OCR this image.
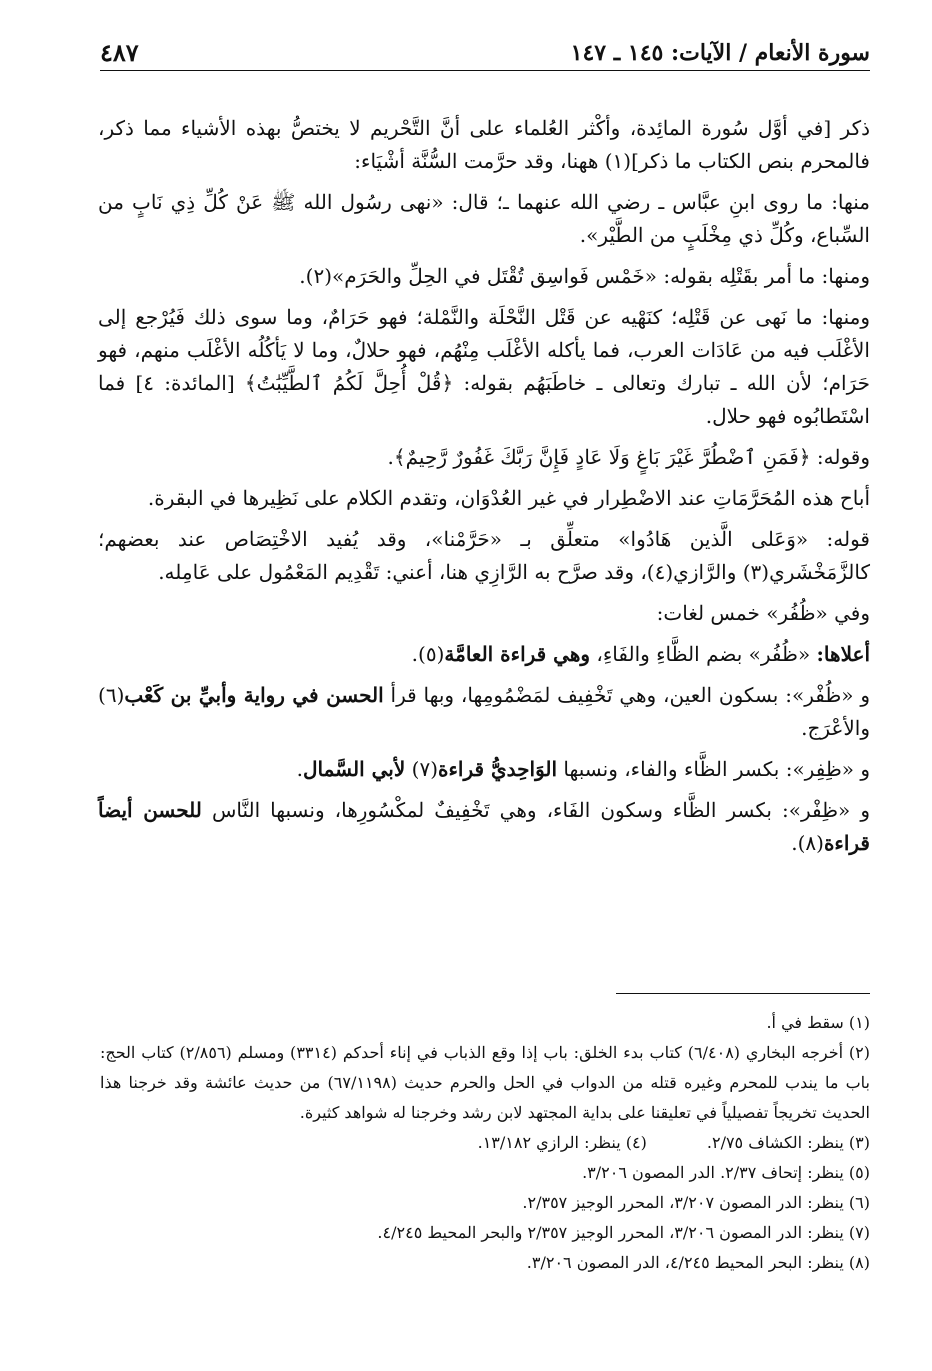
سورة الأنعام / الآيات: ١٤٥ ـ ١٤٧
٤٨٧

ذكر [في أوَّل سُورة المائِدة، وأكْثر العُلماء على أنَّ التَّحْريم لا يختصُّ بهذه الأشياء مما ذكر، فالمحرم بنص الكتاب ما ذكر](١) ههنا، وقد حرَّمت السُّنَّة أشْيَاء:

منها: ما روى ابنِ عبَّاس ـ رضي الله عنهما ـ؛ قال: «نهى رسُول الله ﷺ عَنْ كُلِّ ذِي نَابٍ من السِّباع، وكُلِّ ذي مِخْلَبٍ من الطَّيْر».

ومنها: ما أمر بقَتْلِه بقوله: «خَمْس فَواسِق تُقْتَل في الحِلِّ والحَرَم»(٢).

ومنها: ما نَهى عن قَتْلِه؛ كنَهْيه عن قَتْل النَّحْلَة والنَّمْلة؛ فهو حَرَامٌ، وما سوى ذلك فَيُرْجع إلى الأغْلَب فيه من عَادَات العرب، فما يأكله الأغْلَب مِنْهُم، فهو حلالٌ، وما لا يَأكُلُه الأغْلَب منهم، فهو حَرَام؛ لأن الله ـ تبارك وتعالى ـ خاطَبَهُم بقوله: ﴿قُلْ أُحِلَّ لَكُمُ ٱلطَّيِّبَٰتُ﴾ [المائدة: ٤] فما اسْتَطابُوه فهو حلال.

وقوله: ﴿فَمَنِ ٱضْطُرَّ غَيْرَ بَاغٍ وَلَا عَادٍ فَإِنَّ رَبَّكَ غَفُورٌ رَّحِيمٌ﴾.

أباح هذه المُحَرَّمَاتِ عند الاضْطِرار في غير العُدْوَان، وتقدم الكلام على نَظِيرها في البقرة.

قوله: «وَعَلى الَّذين هَادُوا» متعلِّق بـ «حَرَّمْنا»، وقد يُفيد الاخْتِصَاص عند بعضهم؛ كالزَّمَخْشَري(٣) والرَّازي(٤)، وقد صرَّح به الرَّازِي هنا، أعني: تَقْدِيم المَعْمُول على عَامِله.

وفي «ظُفُر» خمس لغات:

أعلاها: «ظُفُر» بضم الظَّاءِ والفَاءِ، وهي قراءة العامَّة(٥).

و «ظُفْر»: بسكون العين، وهي تَخْفِيف لمَضْمُومِها، وبها قرأ الحسن في رواية وأبيِّ بن كَعْب(٦) والأعْرَج.

و «ظِفِر»: بكسر الظَّاء والفاء، ونسبها الوَاحِديُّ قراءة(٧) لأبي السَّمال.

و «ظِفْر»: بكسر الظَّاء وسكون الفَاء، وهي تَخْفِيفٌ لمكْسُورِها، ونسبها النَّاس للحسن أيضاً قراءة(٨).

(١) سقط في أ.

(٢) أخرجه البخاري (٦/٤٠٨) كتاب بدء الخلق: باب إذا وقع الذباب في إناء أحدكم (٣٣١٤) ومسلم (٢/٨٥٦) كتاب الحج: باب ما يندب للمحرم وغيره قتله من الدواب في الحل والحرم حديث (٦٧/١١٩٨) من حديث عائشة وقد خرجنا هذا الحديث تخريجاً تفصيلياً في تعليقنا على بداية المجتهد لابن رشد وخرجنا له شواهد كثيرة.

(٣) ينظر: الكشاف ٢/٧٥.
(٤) ينظر: الرازي ١٣/١٨٢.

(٥) ينظر: إتحاف ٢/٣٧. الدر المصون ٣/٢٠٦.

(٦) ينظر: الدر المصون ٣/٢٠٧، المحرر الوجيز ٢/٣٥٧.

(٧) ينظر: الدر المصون ٣/٢٠٦، المحرر الوجيز ٢/٣٥٧ والبحر المحيط ٤/٢٤٥.

(٨) ينظر: البحر المحيط ٤/٢٤٥، الدر المصون ٣/٢٠٦.
